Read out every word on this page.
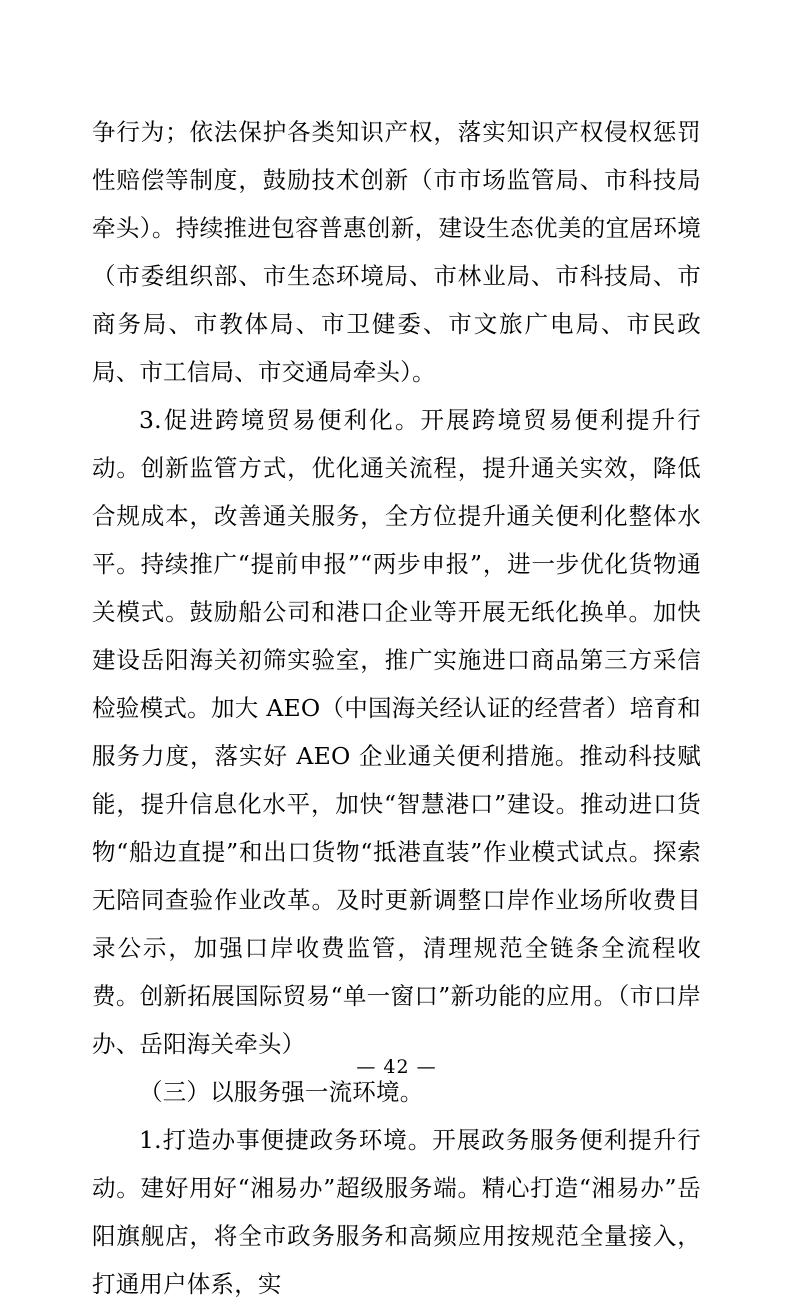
争行为；依法保护各类知识产权，落实知识产权侵权惩罚性赔偿等制度，鼓励技术创新（市市场监管局、市科技局牵头）。持续推进包容普惠创新，建设生态优美的宜居环境（市委组织部、市生态环境局、市林业局、市科技局、市商务局、市教体局、市卫健委、市文旅广电局、市民政局、市工信局、市交通局牵头）。

3.促进跨境贸易便利化。开展跨境贸易便利提升行动。创新监管方式，优化通关流程，提升通关实效，降低合规成本，改善通关服务，全方位提升通关便利化整体水平。持续推广“提前申报”“两步申报”，进一步优化货物通关模式。鼓励船公司和港口企业等开展无纸化换单。加快建设岳阳海关初筛实验室，推广实施进口商品第三方采信检验模式。加大 AEO（中国海关经认证的经营者）培育和服务力度，落实好 AEO 企业通关便利措施。推动科技赋能，提升信息化水平，加快“智慧港口”建设。推动进口货物“船边直提”和出口货物“抵港直装”作业模式试点。探索无陪同查验作业改革。及时更新调整口岸作业场所收费目录公示，加强口岸收费监管，清理规范全链条全流程收费。创新拓展国际贸易“单一窗口”新功能的应用。（市口岸办、岳阳海关牵头）

（三）以服务强一流环境。

1.打造办事便捷政务环境。开展政务服务便利提升行动。建好用好“湘易办”超级服务端。精心打造“湘易办”岳阳旗舰店，将全市政务服务和高频应用按规范全量接入，打通用户体系，实

— 42 —
